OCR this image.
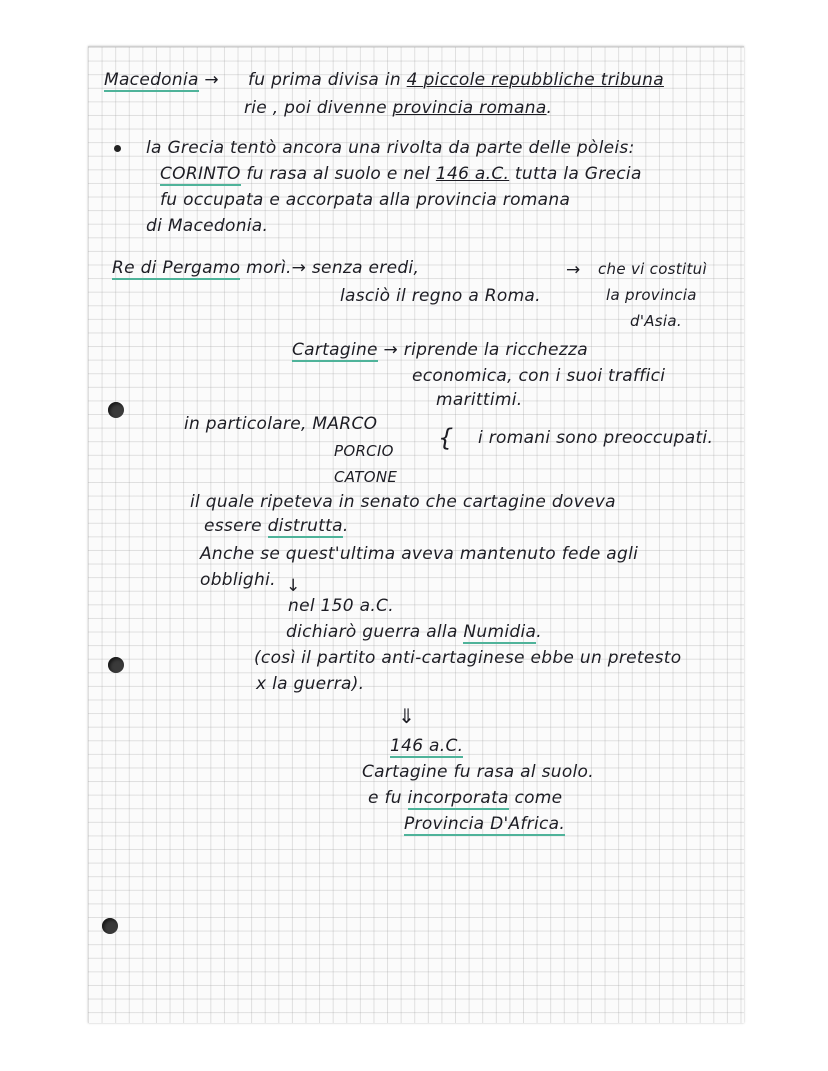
Macedonia → fu prima divisa in 4 piccole repubbliche tribuna
rie , poi divenne provincia romana.
la Grecia tentò ancora una rivolta da parte delle pòleis:
CORINTO fu rasa al suolo e nel 146 a.C. tutta la Grecia
fu occupata e accorpata alla provincia romana
di Macedonia.
Re di Pergamo morì.→ senza eredi,
lasciò il regno a Roma.
→ che vi costituì
la provincia
d'Asia.
Cartagine → riprende la ricchezza
economica, con i suoi traffici
marittimi.
in particolare, MARCO
PORCIO
CATONE
{ i romani sono preoccupati.
il quale ripeteva in senato che cartagine doveva
essere distrutta.
Anche se quest'ultima aveva mantenuto fede agli
obblighi. ↓
nel 150 a.C.
dichiarò guerra alla Numidia.
(così il partito anti-cartaginese ebbe un pretesto
x la guerra).
⇓
146 a.C.
Cartagine fu rasa al suolo.
e fu incorporata come
Provincia D'Africa.
